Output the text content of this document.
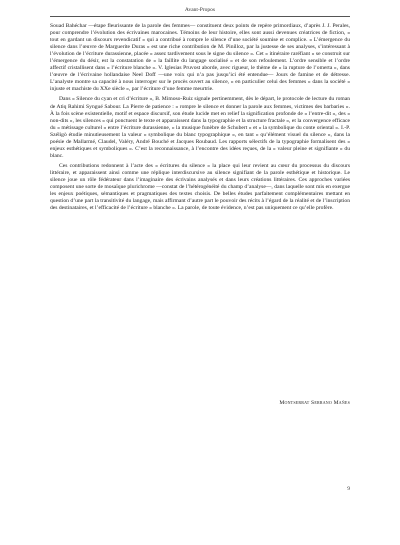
Avant-Propos

Souad Bahéchar —étape fleurissante de la parole des femmes— constituent deux points de repère primordiaux, d’après J. J. Perales, pour comprendre l’évolution des écrivaines marocaines. Témoins de leur histoire, elles sont aussi devenues créatrices de fiction, « tout en gardant un discours revendicatif » qui a contribué à rompre le silence d’une société soumise et complice. « L’émergence du silence dans l’œuvre de Marguerite Duras » est une riche contribution de M. Pinilloz, par la justesse de ses analyses, s’intéressant à l’évolution de l’écriture durassienne, placée « assez tardivement sous le signe du silence ». Cet « itinéraire raréfiant » se construit sur l’émergence du désir, est la constatation de « la faillite du langage socialisé » et de son refoulement. L’ordre sensible et l’ordre affectif cristallisent dans « l’écriture blanche ». V. Iglesias Pruvost aborde, avec rigueur, le thème de « la rupture de l’omerta », dans l’œuvre de l’écrivaine hollandaise Neel Doff —une voix qui n’a pas jusqu’ici été entendue— Jours de famine et de détresse. L’analyste montre sa capacité à nous interroger sur le procès ouvert au silence, « en particulier celui des femmes » dans la société « injuste et machiste du XXe siècle », par l’écriture d’une femme meurtrie.

Dans « Silence du cyan et cri d’écriture », B. Mimoso-Ruiz signale pertinemment, dès le départ, le protocole de lecture du roman de Atiq Rahimi Syngué Sabour. La Pierre de patience : « rompre le silence et donner la parole aux femmes, victimes des barbaries ». À la fois scène existentielle, motif et espace discursif, son étude lucide met en relief la signification profonde de « l’entre-dit », des « non-dits », les silences « qui ponctuent le texte et apparaissent dans la typographie et la structure fractale », et la convergence efficace du « métissage culturel » entre l’écriture durassienne, « la musique funèbre de Schubert » et « la symbolique du conte oriental ». I.-P. Széligò étudie minutieusement la valeur « symbolique du blanc typographique », en tant « qu’élément visuel du silence », dans la poésie de Mallarmé, Claudel, Valéry, André Bouché et Jacques Roubaud. Les rapports sélectifs de la typographie formalisent des « enjeux esthétiques et symboliques ». C’est la reconnaissance, à l’encontre des idées reçues, de la « valeur pleine et signifiante » du blanc.

Ces contributions redonnent à l’acte des « écritures du silence » la place qui leur revient au cœur du processus du discours littéraire, et apparaissent ainsi comme une réplique interdiscursive au silence signifiant de la parole esthétique et historique. Le silence joue un rôle fédérateur dans l’imaginaire des écrivains analysés et dans leurs créations littéraires. Ces approches variées composent une sorte de mosaïque plurichrome —constat de l’hétérogénéité du champ d’analyse—, dans laquelle sont mis en exergue les enjeux poétiques, sémantiques et pragmatiques des textes choisis. De belles études parfaitement complémentaires mettant en question d’une part la transitivité du langage, mais affirmant d’autre part le pouvoir des récits à l’égard de la réalité et de l’inscription des destinataires, et l’efficacité de l’écriture « blanche ». La parole, de toute évidence, n’est pas uniquement ce qu’elle profère.

Montserrat Serrano Mañes
9
